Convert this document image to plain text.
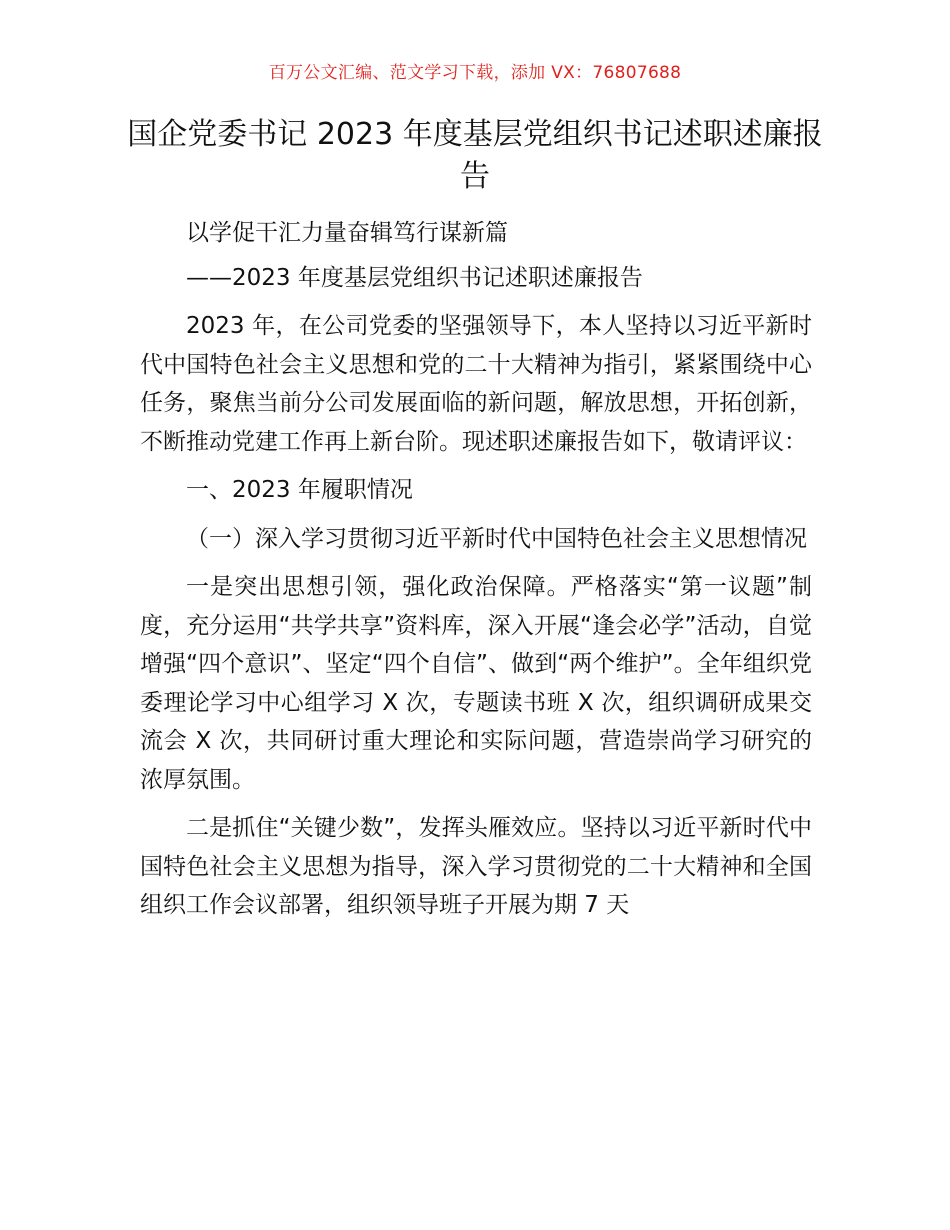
百万公文汇编、范文学习下载，添加 VX：76807688
国企党委书记 2023 年度基层党组织书记述职述廉报告

以学促干汇力量奋辑笃行谋新篇

——2023 年度基层党组织书记述职述廉报告

2023 年，在公司党委的坚强领导下，本人坚持以习近平新时代中国特色社会主义思想和党的二十大精神为指引，紧紧围绕中心任务，聚焦当前分公司发展面临的新问题，解放思想，开拓创新，不断推动党建工作再上新台阶。现述职述廉报告如下，敬请评议：

一、2023 年履职情况

（一）深入学习贯彻习近平新时代中国特色社会主义思想情况

一是突出思想引领，强化政治保障。严格落实“第一议题”制度，充分运用“共学共享”资料库，深入开展“逢会必学”活动，自觉增强“四个意识”、坚定“四个自信”、做到“两个维护”。全年组织党委理论学习中心组学习 X 次，专题读书班 X 次，组织调研成果交流会 X 次，共同研讨重大理论和实际问题，营造崇尚学习研究的浓厚氛围。

二是抓住“关键少数”，发挥头雁效应。坚持以习近平新时代中国特色社会主义思想为指导，深入学习贯彻党的二十大精神和全国组织工作会议部署，组织领导班子开展为期 7 天
